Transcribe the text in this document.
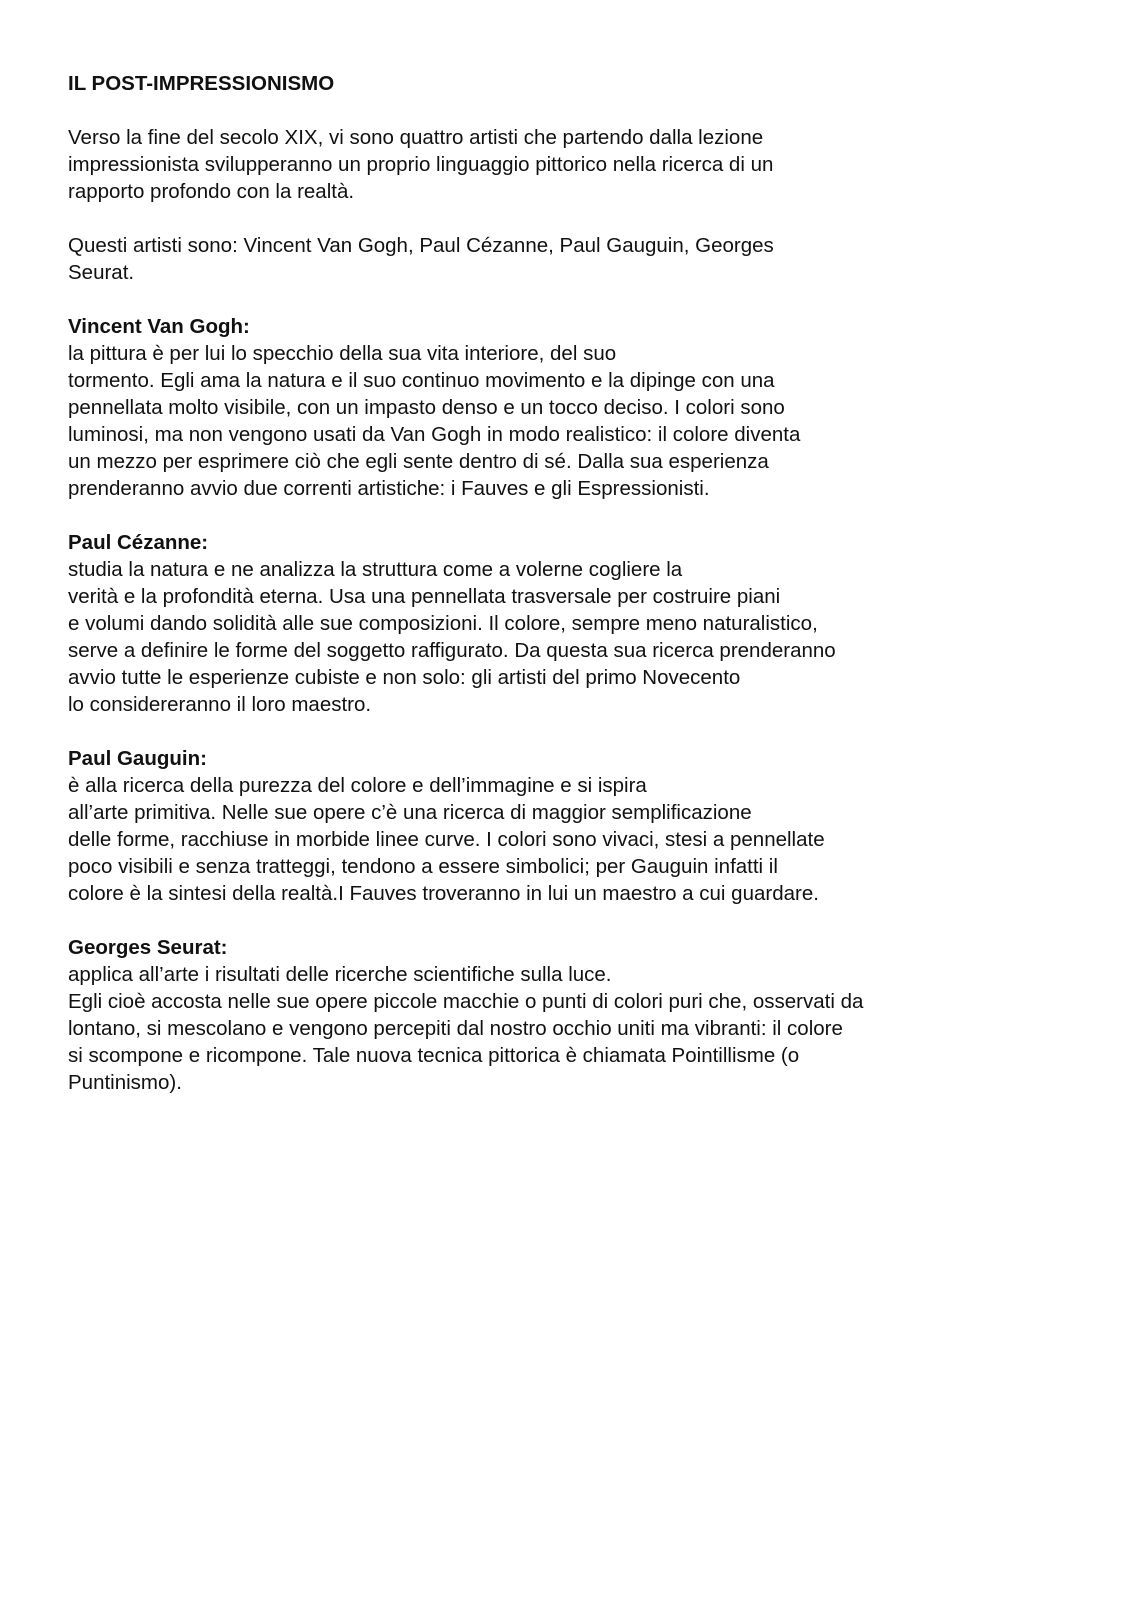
IL POST-IMPRESSIONISMO
Verso la fine del secolo XIX, vi sono quattro artisti che partendo dalla lezione
impressionista svilupperanno un proprio linguaggio pittorico nella ricerca di un
rapporto profondo con la realtà.
Questi artisti sono: Vincent Van Gogh, Paul Cézanne, Paul Gauguin, Georges
Seurat.
Vincent Van Gogh:
la pittura è per lui lo specchio della sua vita interiore, del suo
tormento. Egli ama la natura e il suo continuo movimento e la dipinge con una
pennellata molto visibile, con un impasto denso e un tocco deciso. I colori sono
luminosi, ma non vengono usati da Van Gogh in modo realistico: il colore diventa
un mezzo per esprimere ciò che egli sente dentro di sé. Dalla sua esperienza
prenderanno avvio due correnti artistiche: i Fauves e gli Espressionisti.
Paul Cézanne:
studia la natura e ne analizza la struttura come a volerne cogliere la
verità e la profondità eterna. Usa una pennellata trasversale per costruire piani
e volumi dando solidità alle sue composizioni. Il colore, sempre meno naturalistico,
serve a definire le forme del soggetto raffigurato. Da questa sua ricerca prenderanno
avvio tutte le esperienze cubiste e non solo: gli artisti del primo Novecento
lo considereranno il loro maestro.
Paul Gauguin:
è alla ricerca della purezza del colore e dell’immagine e si ispira
all’arte primitiva. Nelle sue opere c’è una ricerca di maggior semplificazione
delle forme, racchiuse in morbide linee curve. I colori sono vivaci, stesi a pennellate
poco visibili e senza tratteggi, tendono a essere simbolici; per Gauguin infatti il
colore è la sintesi della realtà.I Fauves troveranno in lui un maestro a cui guardare.
Georges Seurat:
applica all’arte i risultati delle ricerche scientifiche sulla luce.
Egli cioè accosta nelle sue opere piccole macchie o punti di colori puri che, osservati da
lontano, si mescolano e vengono percepiti dal nostro occhio uniti ma vibranti: il colore
si scompone e ricompone. Tale nuova tecnica pittorica è chiamata Pointillisme (o
Puntinismo).
